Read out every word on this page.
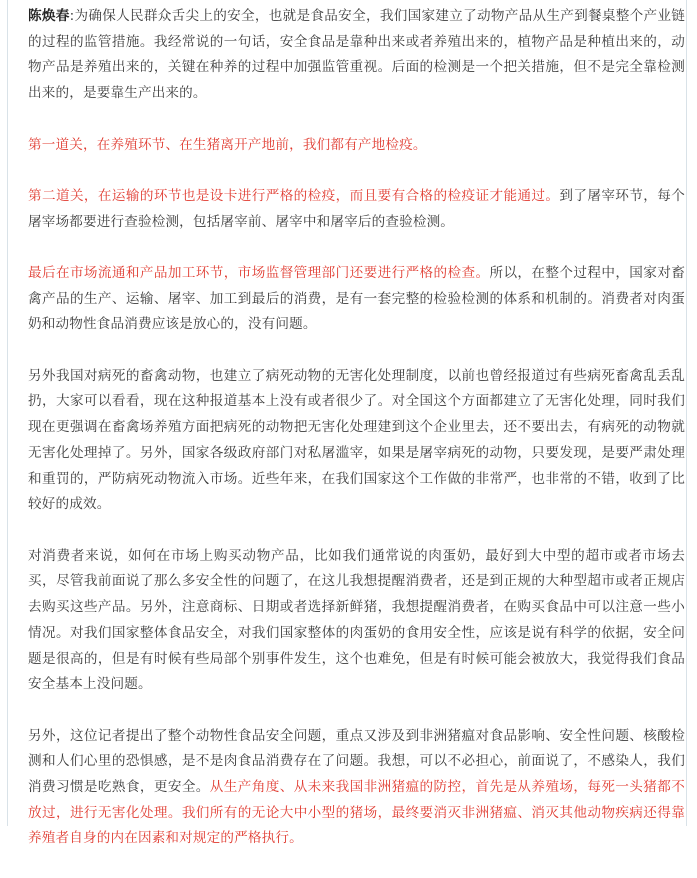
陈焕春:为确保人民群众舌尖上的安全，也就是食品安全，我们国家建立了动物产品从生产到餐桌整个产业链的过程的监管措施。我经常说的一句话，安全食品是靠种出来或者养殖出来的，植物产品是种植出来的，动物产品是养殖出来的，关键在种养的过程中加强监管重视。后面的检测是一个把关措施，但不是完全靠检测出来的，是要靠生产出来的。

第一道关，在养殖环节、在生猪离开产地前，我们都有产地检疫。

第二道关，在运输的环节也是设卡进行严格的检疫，而且要有合格的检疫证才能通过。到了屠宰环节，每个屠宰场都要进行查验检测，包括屠宰前、屠宰中和屠宰后的查验检测。

最后在市场流通和产品加工环节，市场监督管理部门还要进行严格的检查。所以，在整个过程中，国家对畜禽产品的生产、运输、屠宰、加工到最后的消费，是有一套完整的检验检测的体系和机制的。消费者对肉蛋奶和动物性食品消费应该是放心的，没有问题。

另外我国对病死的畜禽动物，也建立了病死动物的无害化处理制度，以前也曾经报道过有些病死畜禽乱丢乱扔，大家可以看看，现在这种报道基本上没有或者很少了。对全国这个方面都建立了无害化处理，同时我们现在更强调在畜禽场养殖方面把病死的动物把无害化处理建到这个企业里去，还不要出去，有病死的动物就无害化处理掉了。另外，国家各级政府部门对私屠滥宰，如果是屠宰病死的动物，只要发现，是要严肃处理和重罚的，严防病死动物流入市场。近些年来，在我们国家这个工作做的非常严，也非常的不错，收到了比较好的成效。

对消费者来说，如何在市场上购买动物产品，比如我们通常说的肉蛋奶，最好到大中型的超市或者市场去买，尽管我前面说了那么多安全性的问题了，在这儿我想提醒消费者，还是到正规的大种型超市或者正规店去购买这些产品。另外，注意商标、日期或者选择新鲜猪，我想提醒消费者，在购买食品中可以注意一些小情况。对我们国家整体食品安全，对我们国家整体的肉蛋奶的食用安全性，应该是说有科学的依据，安全问题是很高的，但是有时候有些局部个别事件发生，这个也难免，但是有时候可能会被放大，我觉得我们食品安全基本上没问题。

另外，这位记者提出了整个动物性食品安全问题，重点又涉及到非洲猪瘟对食品影响、安全性问题、核酸检测和人们心里的恐惧感，是不是肉食品消费存在了问题。我想，可以不必担心，前面说了，不感染人，我们消费习惯是吃熟食，更安全。从生产角度、从未来我国非洲猪瘟的防控，首先是从养殖场，每死一头猪都不放过，进行无害化处理。我们所有的无论大中小型的猪场，最终要消灭非洲猪瘟、消灭其他动物疾病还得靠养殖者自身的内在因素和对规定的严格执行。
